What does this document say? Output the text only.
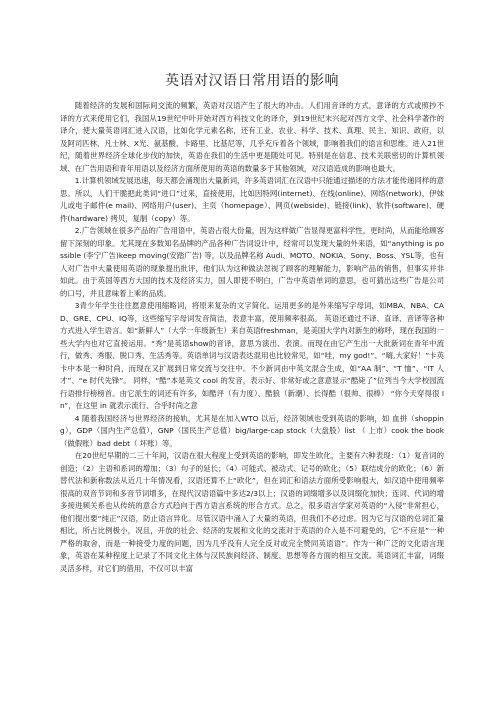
英语对汉语日常用语的影响

随着经济的发展和国际间交流的频繁，英语对汉语产生了很大的冲击。人们用音译的方式，意译的方式或照抄不译的方式来使用它们，我国从19世纪中叶开始对西方科技文化的译介，到19世纪末兴起对西方文学、社会科学著作的译介，使大量英语词汇进入汉语，比如化学元素名称，还有工业、农业、科学、技术、真理、民主、知识、政府，以及阿司匹林、凡士林、X光、氨基酸、卡路里、比基尼等，几乎充斥着各个领域，影响着我们的语言和思维。进入21世纪，随着世界经济全球化步伐的加快，英语在我们的生活中更是随处可见。特别是在信息、技术关联密切的计算机领域、在广告用语和青年用语以及经济方面所使用的英语的数量多于其他领域，对汉语造成的影响也最大。

1.计算机领域发展迅速，每天都会涌现出大量新词，许多英语词汇在汉语中只能通过描述的方法才能传递同样的意思。所以，人们干脆把此类词“进口”过来，直接使用，比如因特网(internet)、在线(online)、网络(network)、伊妹儿或电子邮件(e mail)、网络用户(user)、主页（homepage）、网页(webside)、链接(link)、软件(software)、硬件(hardware) 拷贝，复制（copy）等。

2.广告领域在很多产品的广告用语中，英语占很大份量，因为这样做广告显得更富科学性，更时尚，从而能给顾客留下深刻的印象。尤其现在多数知名品牌的产品各种广告词设计中，经常可以发现大量的外来语，如“anything is possible (李宁广告)keep moving(安踏广告) 等，以及品牌名称 Audi、MOTO、NOKIA、Sony、Boss、YSL等，也有人对广告中大量使用英语的现象提出批评，他们认为这种做法忽视了顾客的理解能力，影响产品的销售，但事实并非如此。由于英国等西方大国的技术及经济实力，国人即使不明白，广告中英语单词的意思，也可猜出这些广告是公司的口号，并且意味着上乘的品质。

3青少年学生往往愿意使用缩略词，将原来复杂的文字简化。运用更多的是外来缩写字母词，如MBA、NBA、CAD、GRE、CPU、IQ等，这些缩写字母词发音简洁，表意丰富，使用频率很高。 英语还通过不译、直译、音译等各种方式进入学生语言。如“新鲜人”（大学一年级新生）来自英语freshman，是美国大学内对新生的称呼，现在我国的一些大学内也对它直接运用。“秀”是英语show的音译，意思为演出、表演。而现在由它产生出一大批新词在青年中流行，做秀、秀服、脱口秀、生活秀等。英语单词与汉语表达混用也比较常见，如“哇，my god!”、“嗨,大家好！”卡英卡中本是一种时尚，而现在又扩展到日常交流与交往中。不少新词由中英文混合生成，如“AA 制”、“T 恤”、“IT 人才”、“e 时代先锋”。 同样，“酷”本是英文 cool 的发音，表示好、非常好或之意意显示“酷毙了”位列当今大学校园流行语排行榜榜首。由它派生的词还有许多，如酷评（有力度）、酷狼（新潮）、长得酷（很帅、很棒） “你今天穿得很 In”，在这里 in 就表示流行、合乎时尚之意

4 随着我国经济与世界经济的接轨，尤其是在加入WTO 以后，经济领域也受到英语的影响，如 血拼（shopping），GDP（国内生产总值），GNP（国民生产总值）big/large-cap stock（大盘股）list （ 上市）cook the book （做假账）bad debt（ 坏账）等。

在20世纪早期的二三十年间，汉语在很大程度上受到英语的影响，即发生欧化，主要有六种表现：（1）复音词的创造；（2）主语和系词的增加；（3）句子的延长；（4）可能式、被动式、记号的欧化；（5）联结成分的欧化；（6）新替代法和新称数法从近几十年情况看，汉语还算不上“欧化”，但在词汇和语法方面所受影响很大，如汉语中使用频率很高的双音节词和多音节词增多，在现代汉语语篇中多达2/3以上；汉语的词缀增多以及词缀化加快；连词、代词的增多接进频关系也从传统的意合方式趋向于西方语言系统的形合方式。总之，很多语言学家对英语的“入侵”非常担心，他们提出要“纯正”汉语，防止语言异化。尽管汉语中涌入了大量的英语，但我们不必过虑。因为它与汉语的总词汇量相比，所占比例极小，况且，开放的社会、经济的发展和文化的交流对于英语的介入是不可避免的，它“不应是”一种严格的取舍，而是一种接受力度的问题，因为几乎没有人完全反对或完全赞同英语语”。作为一种广泛的文化语言现象，英语在某种程度上记录了不同文化主体与汉民族间经济、制度、思想等各方面的相互交流。英语词汇丰富，词缀灵活多样，对它们的借用，不仅可以丰富
